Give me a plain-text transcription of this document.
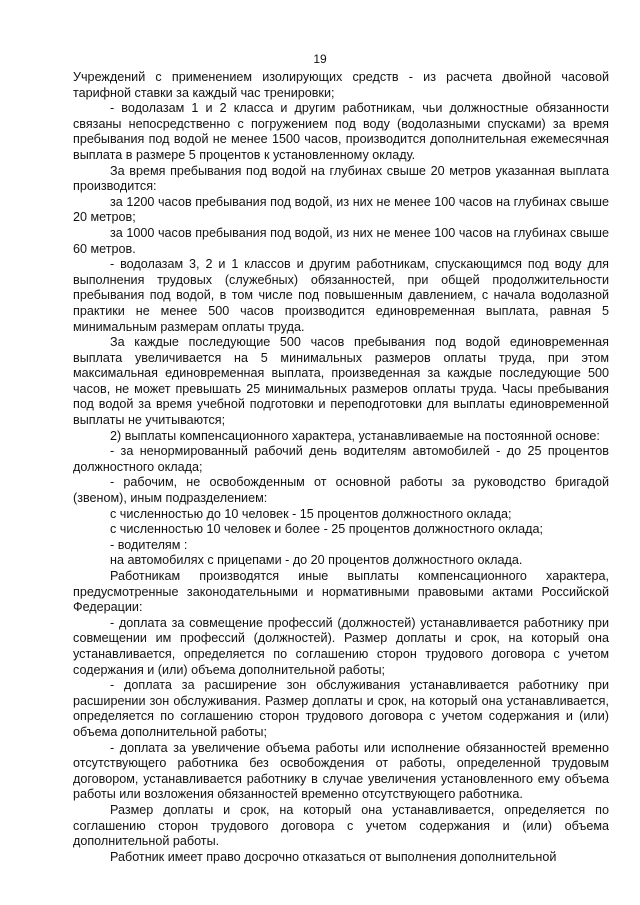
19

Учреждений с применением изолирующих средств - из расчета двойной часовой тарифной ставки за каждый час тренировки;

- водолазам 1 и 2 класса и другим работникам, чьи должностные обязанности связаны непосредственно с погружением под воду (водолазными спусками) за время пребывания под водой не менее 1500 часов, производится дополнительная ежемесячная выплата в размере 5 процентов к установленному окладу.

За время пребывания под водой на глубинах свыше 20 метров указанная выплата производится:

за 1200 часов пребывания под водой, из них не менее 100 часов на глубинах свыше 20 метров;

за 1000 часов пребывания под водой, из них не менее 100 часов на глубинах свыше 60 метров.

- водолазам 3, 2 и 1 классов и другим работникам, спускающимся под воду для выполнения трудовых (служебных) обязанностей, при общей продолжительности пребывания под водой, в том числе под повышенным давлением, с начала водолазной практики не менее 500 часов производится единовременная выплата, равная 5 минимальным размерам оплаты труда.

За каждые последующие 500 часов пребывания под водой единовременная выплата увеличивается на 5 минимальных размеров оплаты труда, при этом максимальная единовременная выплата, произведенная за каждые последующие 500 часов, не может превышать 25 минимальных размеров оплаты труда. Часы пребывания под водой за время учебной подготовки и переподготовки для выплаты единовременной выплаты не учитываются;

2) выплаты компенсационного характера, устанавливаемые на постоянной основе:

- за ненормированный рабочий день водителям автомобилей - до 25 процентов должностного оклада;

- рабочим, не освобожденным от основной работы за руководство бригадой (звеном), иным подразделением:

с численностью до 10 человек - 15 процентов должностного оклада;

с численностью 10 человек и более - 25 процентов должностного оклада;

- водителям :

на автомобилях с прицепами - до 20 процентов должностного оклада.

Работникам производятся иные выплаты компенсационного характера, предусмотренные законодательными и нормативными правовыми актами Российской Федерации:

- доплата за совмещение профессий (должностей) устанавливается работнику при совмещении им профессий (должностей). Размер доплаты и срок, на который она устанавливается, определяется по соглашению сторон трудового договора с учетом содержания и (или) объема дополнительной работы;

- доплата за расширение зон обслуживания устанавливается работнику при расширении зон обслуживания. Размер доплаты и срок, на который она устанавливается, определяется по соглашению сторон трудового договора с учетом содержания и (или) объема дополнительной работы;

- доплата за увеличение объема работы или исполнение обязанностей временно отсутствующего работника без освобождения от работы, определенной трудовым договором, устанавливается работнику в случае увеличения установленного ему объема работы или возложения обязанностей временно отсутствующего работника.

Размер доплаты и срок, на который она устанавливается, определяется по соглашению сторон трудового договора с учетом содержания и (или) объема дополнительной работы.

Работник имеет право досрочно отказаться от выполнения дополнительной
